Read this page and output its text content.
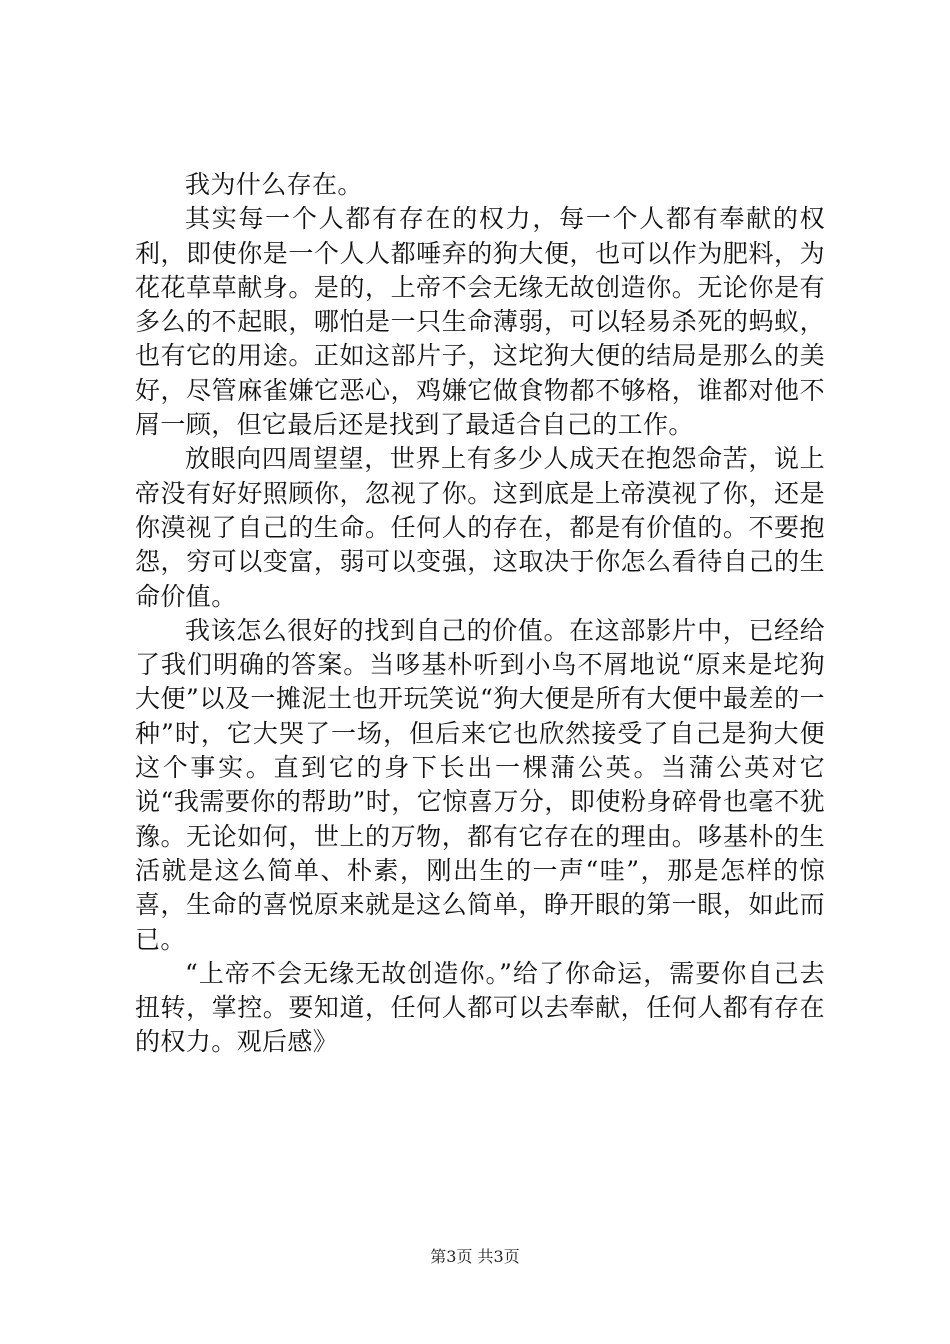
我为什么存在。

其实每一个人都有存在的权力，每一个人都有奉献的权利，即使你是一个人人都唾弃的狗大便，也可以作为肥料，为花花草草献身。是的，上帝不会无缘无故创造你。无论你是有多么的不起眼，哪怕是一只生命薄弱，可以轻易杀死的蚂蚁，也有它的用途。正如这部片子，这坨狗大便的结局是那么的美好，尽管麻雀嫌它恶心，鸡嫌它做食物都不够格，谁都对他不屑一顾，但它最后还是找到了最适合自己的工作。

放眼向四周望望，世界上有多少人成天在抱怨命苦，说上帝没有好好照顾你，忽视了你。这到底是上帝漠视了你，还是你漠视了自己的生命。任何人的存在，都是有价值的。不要抱怨，穷可以变富，弱可以变强，这取决于你怎么看待自己的生命价值。

我该怎么很好的找到自己的价值。在这部影片中，已经给了我们明确的答案。当哆基朴听到小鸟不屑地说“原来是坨狗大便”以及一摊泥土也开玩笑说“狗大便是所有大便中最差的一种”时，它大哭了一场，但后来它也欣然接受了自己是狗大便这个事实。直到它的身下长出一棵蒲公英。当蒲公英对它说“我需要你的帮助”时，它惊喜万分，即使粉身碎骨也毫不犹豫。无论如何，世上的万物，都有它存在的理由。哆基朴的生活就是这么简单、朴素，刚出生的一声“哇”，那是怎样的惊喜，生命的喜悦原来就是这么简单，睁开眼的第一眼，如此而已。

“上帝不会无缘无故创造你。”给了你命运，需要你自己去扭转，掌控。要知道，任何人都可以去奉献，任何人都有存在的权力。观后感》

第3页 共3页
